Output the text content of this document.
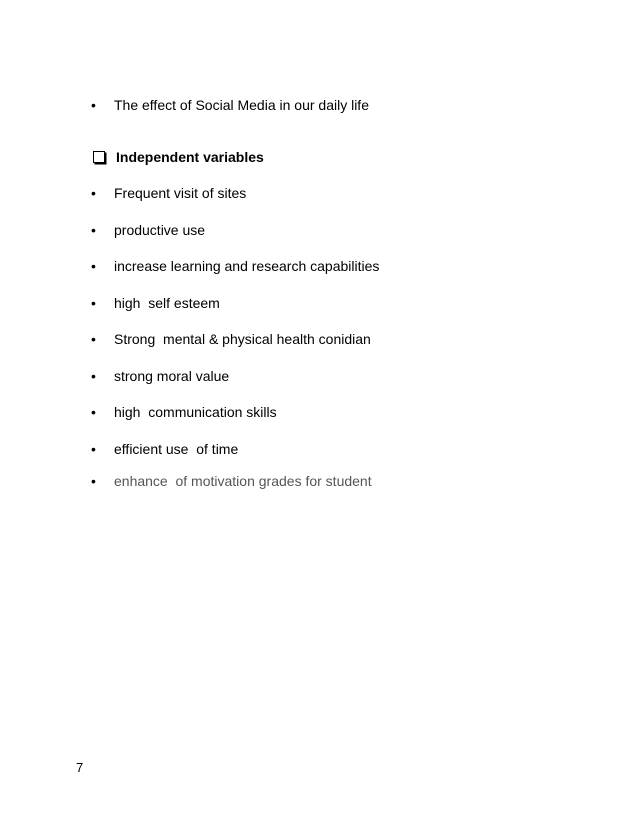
• The effect of Social Media in our daily life
Independent variables
• Frequent visit of sites
• productive use
• increase learning and research capabilities
• high  self esteem
• Strong  mental & physical health conidian
• strong moral value
• high  communication skills
• efficient use  of time
• enhance  of motivation grades for student
7
